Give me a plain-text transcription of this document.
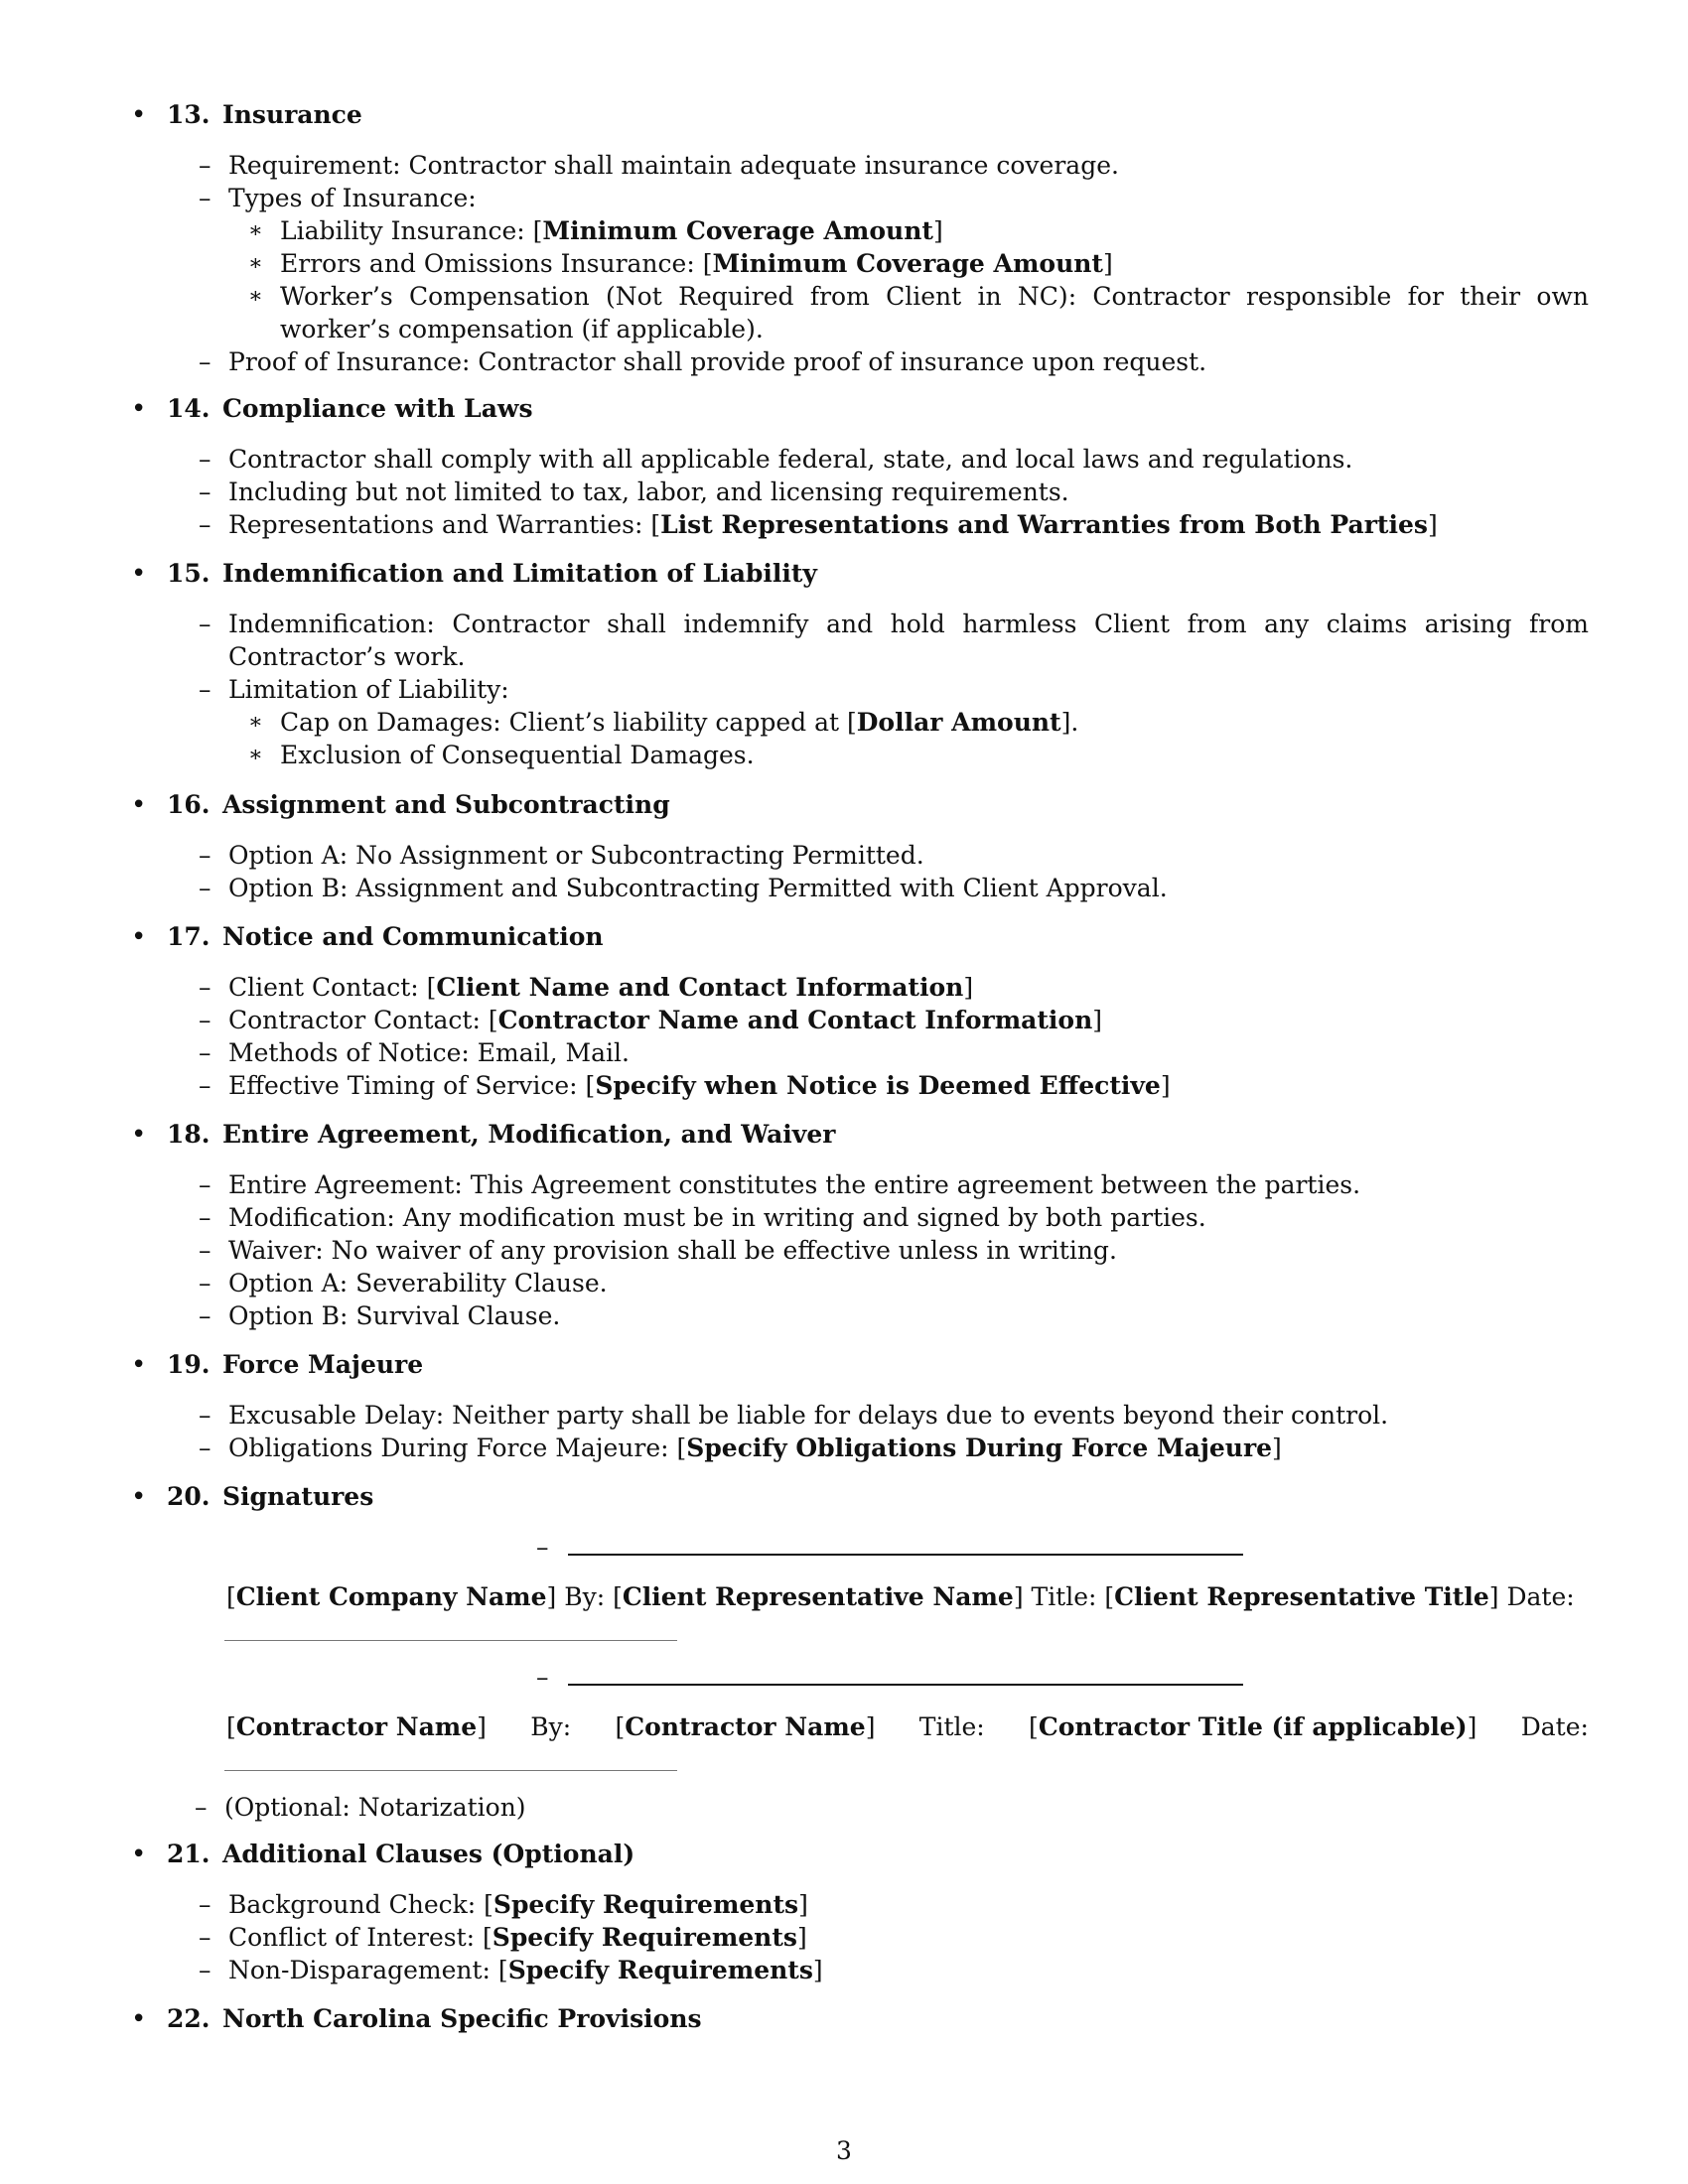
• 13. Insurance
– Requirement: Contractor shall maintain adequate insurance coverage.
– Types of Insurance:
∗ Liability Insurance: [Minimum Coverage Amount]
∗ Errors and Omissions Insurance: [Minimum Coverage Amount]
∗ Worker’s Compensation (Not Required from Client in NC): Contractor responsible for their own worker’s compensation (if applicable).
– Proof of Insurance: Contractor shall provide proof of insurance upon request.
• 14. Compliance with Laws
– Contractor shall comply with all applicable federal, state, and local laws and regulations.
– Including but not limited to tax, labor, and licensing requirements.
– Representations and Warranties: [List Representations and Warranties from Both Parties]
• 15. Indemnification and Limitation of Liability
– Indemnification: Contractor shall indemnify and hold harmless Client from any claims arising from Contractor’s work.
– Limitation of Liability:
∗ Cap on Damages: Client’s liability capped at [Dollar Amount].
∗ Exclusion of Consequential Damages.
• 16. Assignment and Subcontracting
– Option A: No Assignment or Subcontracting Permitted.
– Option B: Assignment and Subcontracting Permitted with Client Approval.
• 17. Notice and Communication
– Client Contact: [Client Name and Contact Information]
– Contractor Contact: [Contractor Name and Contact Information]
– Methods of Notice: Email, Mail.
– Effective Timing of Service: [Specify when Notice is Deemed Effective]
• 18. Entire Agreement, Modification, and Waiver
– Entire Agreement: This Agreement constitutes the entire agreement between the parties.
– Modification: Any modification must be in writing and signed by both parties.
– Waiver: No waiver of any provision shall be effective unless in writing.
– Option A: Severability Clause.
– Option B: Survival Clause.
• 19. Force Majeure
– Excusable Delay: Neither party shall be liable for delays due to events beyond their control.
– Obligations During Force Majeure: [Specify Obligations During Force Majeure]
• 20. Signatures
–
[Client Company Name] By: [Client Representative Name] Title: [Client Representative Title] Date:
–
[Contractor Name] By: [Contractor Name] Title: [Contractor Title (if applicable)] Date:
– (Optional: Notarization)
• 21. Additional Clauses (Optional)
– Background Check: [Specify Requirements]
– Conflict of Interest: [Specify Requirements]
– Non-Disparagement: [Specify Requirements]
• 22. North Carolina Specific Provisions
3
